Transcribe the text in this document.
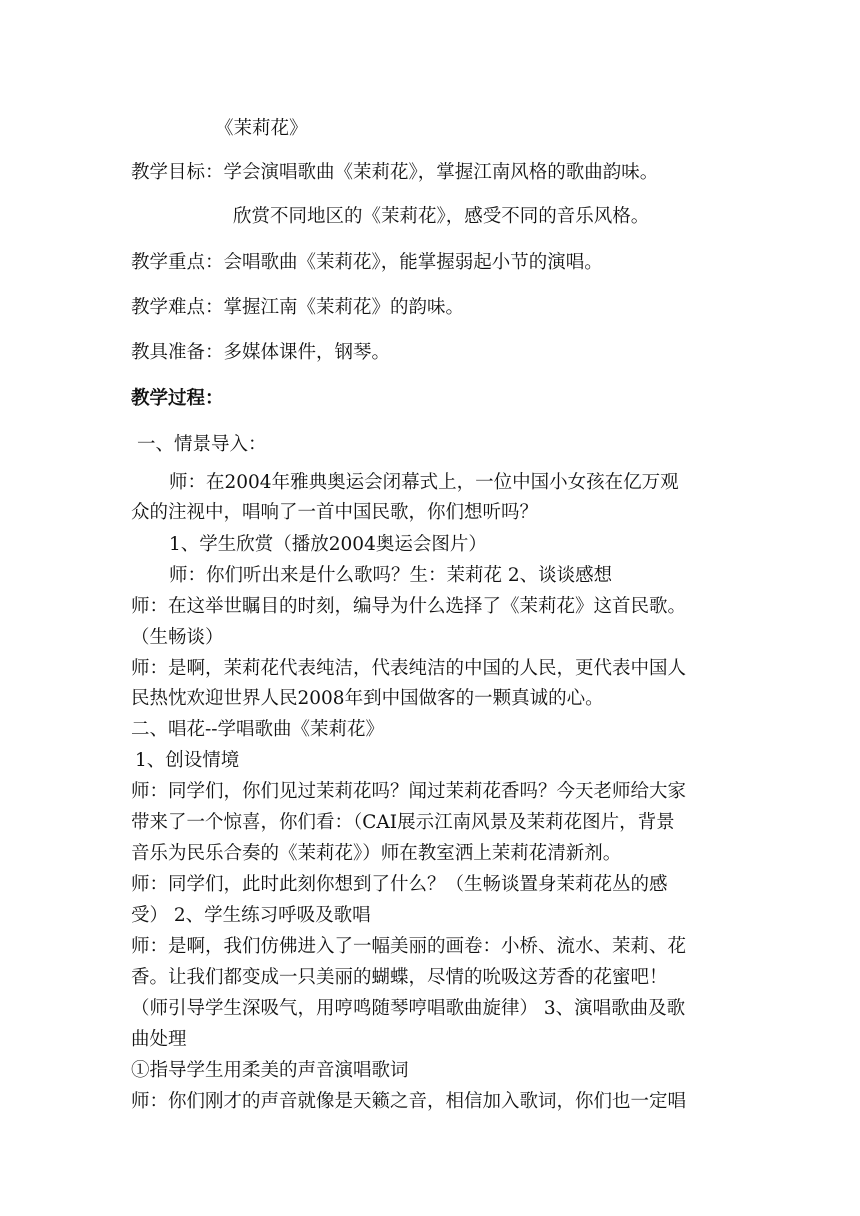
《茉莉花》
教学目标：学会演唱歌曲《茉莉花》，掌握江南风格的歌曲韵味。
欣赏不同地区的《茉莉花》，感受不同的音乐风格。
教学重点：会唱歌曲《茉莉花》，能掌握弱起小节的演唱。
教学难点：掌握江南《茉莉花》的韵味。
教具准备：多媒体课件，钢琴。
教学过程：
一、情景导入：
师：在2004年雅典奥运会闭幕式上，一位中国小女孩在亿万观
众的注视中，唱响了一首中国民歌，你们想听吗？
1、学生欣赏（播放2004奥运会图片）
师：你们听出来是什么歌吗？生：茉莉花 2、谈谈感想
师：在这举世瞩目的时刻，编导为什么选择了《茉莉花》这首民歌。
（生畅谈）
师：是啊，茉莉花代表纯洁，代表纯洁的中国的人民，更代表中国人
民热忱欢迎世界人民2008年到中国做客的一颗真诚的心。
二、唱花--学唱歌曲《茉莉花》
1、创设情境
师：同学们，你们见过茉莉花吗？闻过茉莉花香吗？今天老师给大家
带来了一个惊喜，你们看：（CAI展示江南风景及茉莉花图片，背景
音乐为民乐合奏的《茉莉花》）师在教室洒上茉莉花清新剂。
师：同学们，此时此刻你想到了什么？（生畅谈置身茉莉花丛的感
受） 2、学生练习呼吸及歌唱
师：是啊，我们仿佛进入了一幅美丽的画卷：小桥、流水、茉莉、花
香。让我们都变成一只美丽的蝴蝶，尽情的吮吸这芳香的花蜜吧！
（师引导学生深吸气，用哼鸣随琴哼唱歌曲旋律） 3、演唱歌曲及歌
曲处理
①指导学生用柔美的声音演唱歌词
师：你们刚才的声音就像是天籁之音，相信加入歌词，你们也一定唱
